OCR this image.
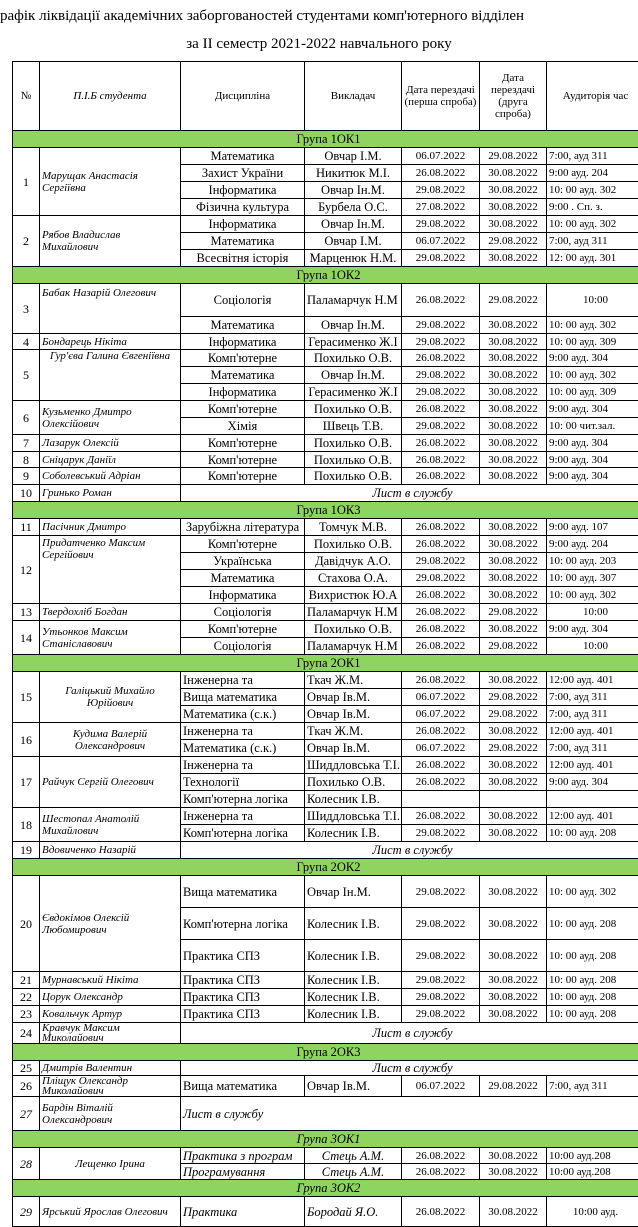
рафік ліквідації академічних заборгованостей студентами комп'ютерного відділен
за ІІ семестр 2021-2022 навчального року
№	П.І.Б студента	Дисципліна	Викладач	Дата перездачі (перша спроба)	Дата перездачі (друга спроба)	Аудиторія час
Група 1ОК1						
1	Марущак Анастасія Сергіївна	Математика	Овчар І.М.	06.07.2022	29.08.2022	7:00, ауд 311
		Захист України	Никитюк М.І.	26.08.2022	30.08.2022	9:00 ауд. 204
		Інформатика	Овчар Ін.М.	29.08.2022	30.08.2022	10: 00 ауд. 302
		Фізична культура	Бурбела О.С.	27.08.2022	30.08.2022	9:00 . Сп. з.
2	Рябов Владислав Михайлович	Інформатика	Овчар Ін.М.	29.08.2022	30.08.2022	10: 00 ауд. 302
		Математика	Овчар І.М.	06.07.2022	29.08.2022	7:00, ауд 311
		Всесвітня історія	Марценюк Н.М.	29.08.2022	30.08.2022	12: 00 ауд. 301
Група 1ОК2						
3	Бабак Назарій Олегович	Соціологія	Паламарчук Н.М	26.08.2022	29.08.2022	10:00
		Математика	Овчар Ін.М.	29.08.2022	30.08.2022	10: 00 ауд. 302
4	Бондарець Нікіта	Інформатика	Герасименко Ж.І	29.08.2022	30.08.2022	10: 00 ауд. 309
5	Гур'єва Галина Євгеніївна	Комп'ютерне	Похилько О.В.	26.08.2022	30.08.2022	9:00 ауд. 304
		Математика	Овчар Ін.М.	29.08.2022	30.08.2022	10: 00 ауд. 302
		Інформатика	Герасименко Ж.І	29.08.2022	30.08.2022	10: 00 ауд. 309
6	Кузьменко Дмитро Олексійович	Комп'ютерне	Похилько О.В.	26.08.2022	30.08.2022	9:00 ауд. 304
		Хімія	Швець Т.В.	29.08.2022	30.08.2022	10: 00 чит.зал.
7	Лазарук Олексій	Комп'ютерне	Похилько О.В.	26.08.2022	30.08.2022	9:00 ауд. 304
8	Сніцарук Даніїл	Комп'ютерне	Похилько О.В.	26.08.2022	30.08.2022	9:00 ауд. 304
9	Соболевський Адріан	Комп'ютерне	Похилько О.В.	26.08.2022	30.08.2022	9:00 ауд. 304
10	Гринько Роман	Лист в службу				
Група 1ОК3						
11	Пасічник Дмитро	Зарубіжна література	Томчук М.В.	26.08.2022	30.08.2022	9:00 ауд. 107
12	Придатченко Максим Сергійович	Комп'ютерне	Похилько О.В.	26.08.2022	30.08.2022	9:00 ауд. 204
		Українська	Давідчук А.О.	29.08.2022	30.08.2022	10: 00 ауд. 203
		Математика	Стахова О.А.	29.08.2022	30.08.2022	10: 00 ауд. 307
		Інформатика	Вихристюк Ю.А	26.08.2022	30.08.2022	10: 00 ауд. 302
13	Твердохліб Богдан	Соціологія	Паламарчук Н.М	26.08.2022	29.08.2022	10:00
14	Утьонков Максим Станіславович	Комп'ютерне	Похилько О.В.	26.08.2022	30.08.2022	9:00 ауд. 304
		Соціологія	Паламарчук Н.М	26.08.2022	29.08.2022	10:00
Група 2ОК1						
15	Галіцький Михайло Юрійович	Інженерна та	Ткач Ж.М.	26.08.2022	30.08.2022	12:00 ауд. 401
		Вища математика	Овчар Ів.М.	06.07.2022	29.08.2022	7:00, ауд 311
		Математика (с.к.)	Овчар Ів.М.	06.07.2022	29.08.2022	7:00, ауд 311
16	Кудима Валерій Олександрович	Інженерна та	Ткач Ж.М.	26.08.2022	30.08.2022	12:00 ауд. 401
		Математика (с.к.)	Овчар Ів.М.	06.07.2022	29.08.2022	7:00, ауд 311
17	Райчук Сергій Олегович	Інженерна та	Шиддловська Т.І.	26.08.2022	30.08.2022	12:00 ауд. 401
		Технології	Похилько О.В.	26.08.2022	30.08.2022	9:00 ауд. 304
		Комп'ютерна логіка	Колесник І.В.			
18	Шестопал Анатолій Михайлович	Інженерна та	Шиддловська Т.І.	26.08.2022	30.08.2022	12:00 ауд. 401
		Комп'ютерна логіка	Колесник І.В.	29.08.2022	30.08.2022	10: 00 ауд. 208
19	Вдовиченко Назарій	Лист в службу				
Група 2ОК2						
20	Євдокімов Олексій Любомирович	Вища математика	Овчар Ін.М.	29.08.2022	30.08.2022	10: 00 ауд. 302
		Комп'ютерна логіка	Колесник І.В.	29.08.2022	30.08.2022	10: 00 ауд. 208
		Практика СПЗ	Колесник І.В.	29.08.2022	30.08.2022	10: 00 ауд. 208
21	Мурнавський Нікіта	Практика СПЗ	Колесник І.В.	29.08.2022	30.08.2022	10: 00 ауд. 208
22	Цорук Олександр	Практика СПЗ	Колесник І.В.	29.08.2022	30.08.2022	10: 00 ауд. 208
23	Ковальчук Артур	Практика СПЗ	Колесник І.В.	29.08.2022	30.08.2022	10: 00 ауд. 208
24	Кравчук Максим Миколайович	Лист в службу				
Група 2ОК3						
25	Дмитрів Валентин	Лист в службу				
26	Пліщук Олександр Миколайович	Вища математика	Овчар Ів.М.	06.07.2022	29.08.2022	7:00, ауд 311
27	Бардін Віталій Олександрович	Лист в службу				
Група 3ОК1						
28	Лещенко Ірина	Практика з програм	Стець А.М.	26.08.2022	30.08.2022	10:00 ауд.208
		Програмування	Стець А.М.	26.08.2022	30.08.2022	10:00 ауд.208
Група 3ОК2						
29	Ярський Ярослав Олегович	Практика	Бородай Я.О.	26.08.2022	30.08.2022	10:00 ауд.
